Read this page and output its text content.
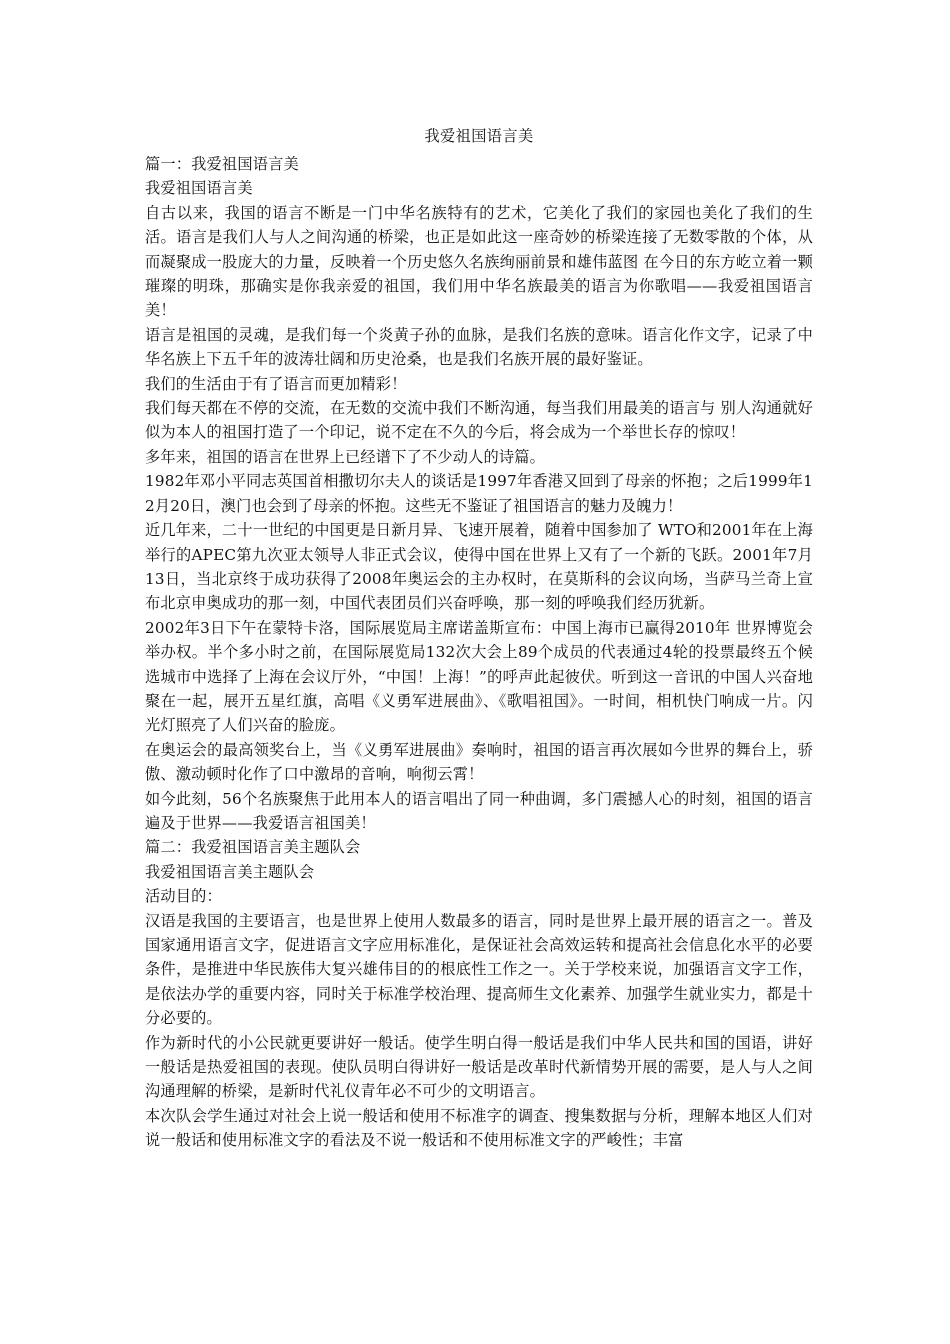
我爱祖国语言美
篇一：我爱祖国语言美
我爱祖国语言美
自古以来，我国的语言不断是一门中华名族特有的艺术，它美化了我们的家园也美化了我们的生活。语言是我们人与人之间沟通的桥梁，也正是如此这一座奇妙的桥梁连接了无数零散的个体，从而凝聚成一股庞大的力量，反映着一个历史悠久名族绚丽前景和雄伟蓝图 在今日的东方屹立着一颗璀璨的明珠，那确实是你我亲爱的祖国，我们用中华名族最美的语言为你歌唱——我爱祖国语言美！
语言是祖国的灵魂，是我们每一个炎黄子孙的血脉，是我们名族的意味。语言化作文字，记录了中华名族上下五千年的波涛壮阔和历史沧桑，也是我们名族开展的最好鉴证。
我们的生活由于有了语言而更加精彩！
我们每天都在不停的交流，在无数的交流中我们不断沟通，每当我们用最美的语言与 别人沟通就好似为本人的祖国打造了一个印记，说不定在不久的今后，将会成为一个举世长存的惊叹！
多年来，祖国的语言在世界上已经谱下了不少动人的诗篇。
1982年邓小平同志英国首相撒切尔夫人的谈话是1997年香港又回到了母亲的怀抱；之后1999年12月20日，澳门也会到了母亲的怀抱。这些无不鉴证了祖国语言的魅力及魄力！
近几年来，二十一世纪的中国更是日新月异、飞速开展着，随着中国参加了 WTO和2001年在上海举行的APEC第九次亚太领导人非正式会议，使得中国在世界上又有了一个新的飞跃。2001年7月13日，当北京终于成功获得了2008年奥运会的主办权时，在莫斯科的会议向场，当萨马兰奇上宣布北京申奥成功的那一刻，中国代表团员们兴奋呼唤，那一刻的呼唤我们经历犹新。
2002年3日下午在蒙特卡洛，国际展览局主席诺盖斯宣布：中国上海市已赢得2010年 世界博览会举办权。半个多小时之前，在国际展览局132次大会上89个成员的代表通过4轮的投票最终五个候选城市中选择了上海在会议厅外，“中国！上海！”的呼声此起彼伏。听到这一音讯的中国人兴奋地聚在一起，展开五星红旗，高唱《义勇军进展曲》、《歌唱祖国》。一时间，相机快门响成一片。闪光灯照亮了人们兴奋的脸庞。
在奥运会的最高领奖台上，当《义勇军进展曲》奏响时，祖国的语言再次展如今世界的舞台上，骄傲、激动顿时化作了口中激昂的音响，响彻云霄！
如今此刻，56个名族聚焦于此用本人的语言唱出了同一种曲调，多门震撼人心的时刻，祖国的语言遍及于世界——我爱语言祖国美！
篇二：我爱祖国语言美主题队会
我爱祖国语言美主题队会
活动目的：
汉语是我国的主要语言，也是世界上使用人数最多的语言，同时是世界上最开展的语言之一。普及国家通用语言文字，促进语言文字应用标准化，是保证社会高效运转和提高社会信息化水平的必要条件，是推进中华民族伟大复兴雄伟目的的根底性工作之一。关于学校来说，加强语言文字工作，是依法办学的重要内容，同时关于标准学校治理、提高师生文化素养、加强学生就业实力，都是十分必要的。
作为新时代的小公民就更要讲好一般话。使学生明白得一般话是我们中华人民共和国的国语，讲好一般话是热爱祖国的表现。使队员明白得讲好一般话是改革时代新情势开展的需要，是人与人之间沟通理解的桥梁，是新时代礼仪青年必不可少的文明语言。
本次队会学生通过对社会上说一般话和使用不标准字的调查、搜集数据与分析，理解本地区人们对说一般话和使用标准文字的看法及不说一般话和不使用标准文字的严峻性；丰富
